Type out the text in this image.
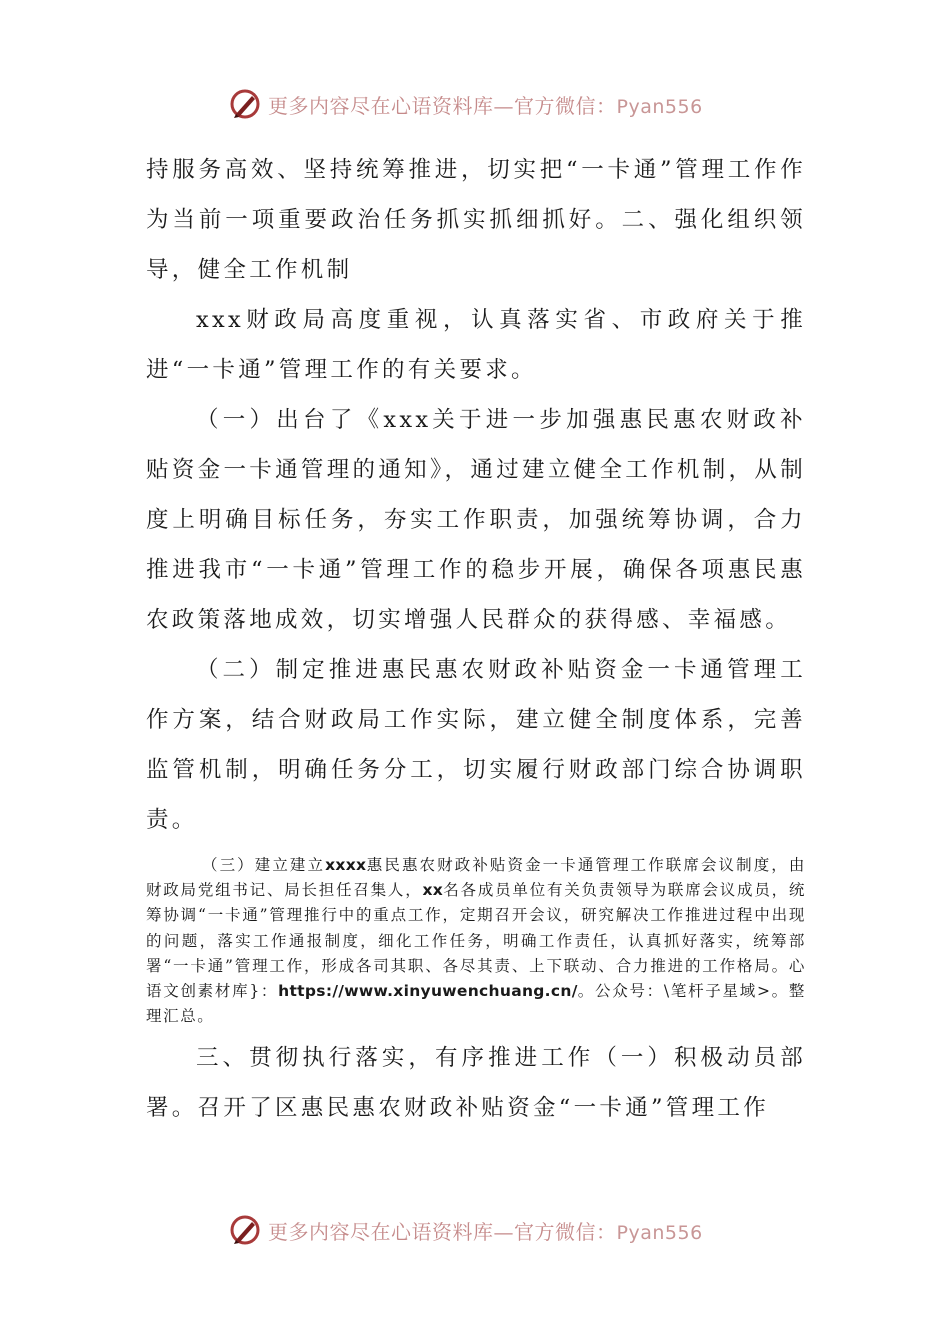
更多内容尽在心语资料库—官方微信：Pyan556

持服务高效、坚持统筹推进，切实把“一卡通”管理工作作为当前一项重要政治任务抓实抓细抓好。二、强化组织领导，健全工作机制

xxx财政局高度重视，认真落实省、市政府关于推进“一卡通”管理工作的有关要求。

（一）出台了《xxx关于进一步加强惠民惠农财政补贴资金一卡通管理的通知》，通过建立健全工作机制，从制度上明确目标任务，夯实工作职责，加强统筹协调，合力推进我市“一卡通”管理工作的稳步开展，确保各项惠民惠农政策落地成效，切实增强人民群众的获得感、幸福感。

（二）制定推进惠民惠农财政补贴资金一卡通管理工作方案，结合财政局工作实际，建立健全制度体系，完善监管机制，明确任务分工，切实履行财政部门综合协调职责。

（三）建立建立xxxx惠民惠农财政补贴资金一卡通管理工作联席会议制度，由财政局党组书记、局长担任召集人，xx名各成员单位有关负责领导为联席会议成员，统筹协调“一卡通”管理推行中的重点工作，定期召开会议，研究解决工作推进过程中出现的问题，落实工作通报制度，细化工作任务，明确工作责任，认真抓好落实，统筹部署“一卡通”管理工作，形成各司其职、各尽其责、上下联动、合力推进的工作格局。心语文创素材库}：https://www.xinyuwenchuang.cn/。公众号：\笔杆子星域>。整理汇总。

三、贯彻执行落实，有序推进工作（一）积极动员部署。召开了区惠民惠农财政补贴资金“一卡通”管理工作

更多内容尽在心语资料库—官方微信：Pyan556
